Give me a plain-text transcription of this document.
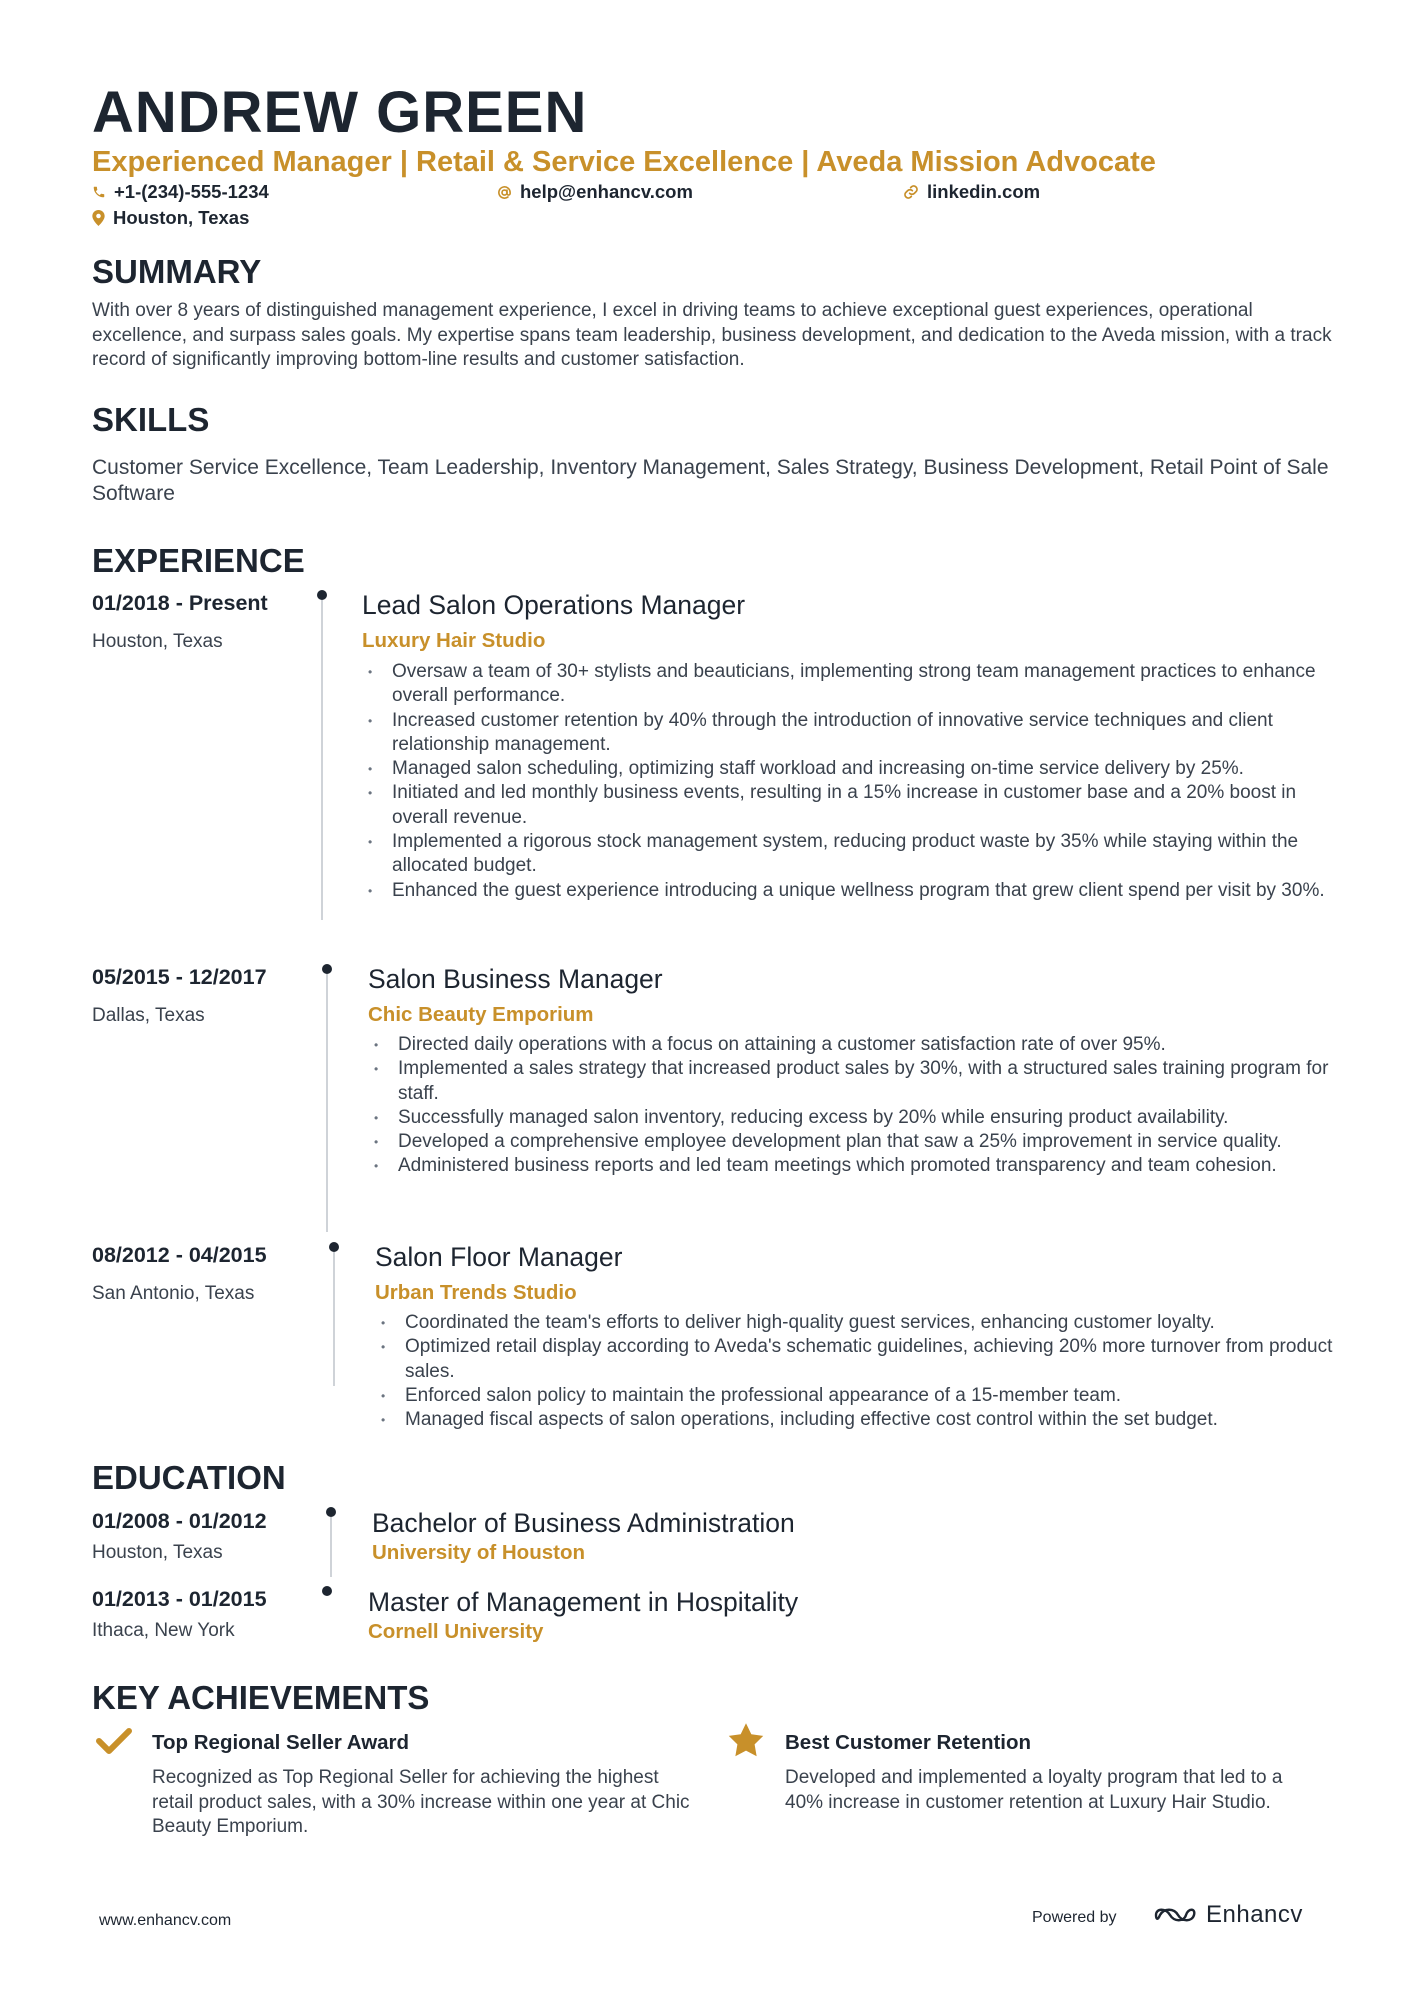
ANDREW GREEN
Experienced Manager | Retail & Service Excellence | Aveda Mission Advocate
+1-(234)-555-1234	help@enhancv.com	linkedin.com
Houston, Texas
SUMMARY
With over 8 years of distinguished management experience, I excel in driving teams to achieve exceptional guest experiences, operational excellence, and surpass sales goals. My expertise spans team leadership, business development, and dedication to the Aveda mission, with a track record of significantly improving bottom-line results and customer satisfaction.
SKILLS
Customer Service Excellence, Team Leadership, Inventory Management, Sales Strategy, Business Development, Retail Point of Sale Software
EXPERIENCE
01/2018 - Present
Houston, Texas
Lead Salon Operations Manager
Luxury Hair Studio
• Oversaw a team of 30+ stylists and beauticians, implementing strong team management practices to enhance overall performance.
• Increased customer retention by 40% through the introduction of innovative service techniques and client relationship management.
• Managed salon scheduling, optimizing staff workload and increasing on-time service delivery by 25%.
• Initiated and led monthly business events, resulting in a 15% increase in customer base and a 20% boost in overall revenue.
• Implemented a rigorous stock management system, reducing product waste by 35% while staying within the allocated budget.
• Enhanced the guest experience introducing a unique wellness program that grew client spend per visit by 30%.
05/2015 - 12/2017
Dallas, Texas
Salon Business Manager
Chic Beauty Emporium
• Directed daily operations with a focus on attaining a customer satisfaction rate of over 95%.
• Implemented a sales strategy that increased product sales by 30%, with a structured sales training program for staff.
• Successfully managed salon inventory, reducing excess by 20% while ensuring product availability.
• Developed a comprehensive employee development plan that saw a 25% improvement in service quality.
• Administered business reports and led team meetings which promoted transparency and team cohesion.
08/2012 - 04/2015
San Antonio, Texas
Salon Floor Manager
Urban Trends Studio
• Coordinated the team's efforts to deliver high-quality guest services, enhancing customer loyalty.
• Optimized retail display according to Aveda's schematic guidelines, achieving 20% more turnover from product sales.
• Enforced salon policy to maintain the professional appearance of a 15-member team.
• Managed fiscal aspects of salon operations, including effective cost control within the set budget.
EDUCATION
01/2008 - 01/2012
Houston, Texas
Bachelor of Business Administration
University of Houston
01/2013 - 01/2015
Ithaca, New York
Master of Management in Hospitality
Cornell University
KEY ACHIEVEMENTS
Top Regional Seller Award
Recognized as Top Regional Seller for achieving the highest retail product sales, with a 30% increase within one year at Chic Beauty Emporium.
Best Customer Retention
Developed and implemented a loyalty program that led to a 40% increase in customer retention at Luxury Hair Studio.
www.enhancv.com	Powered by	Enhancv
